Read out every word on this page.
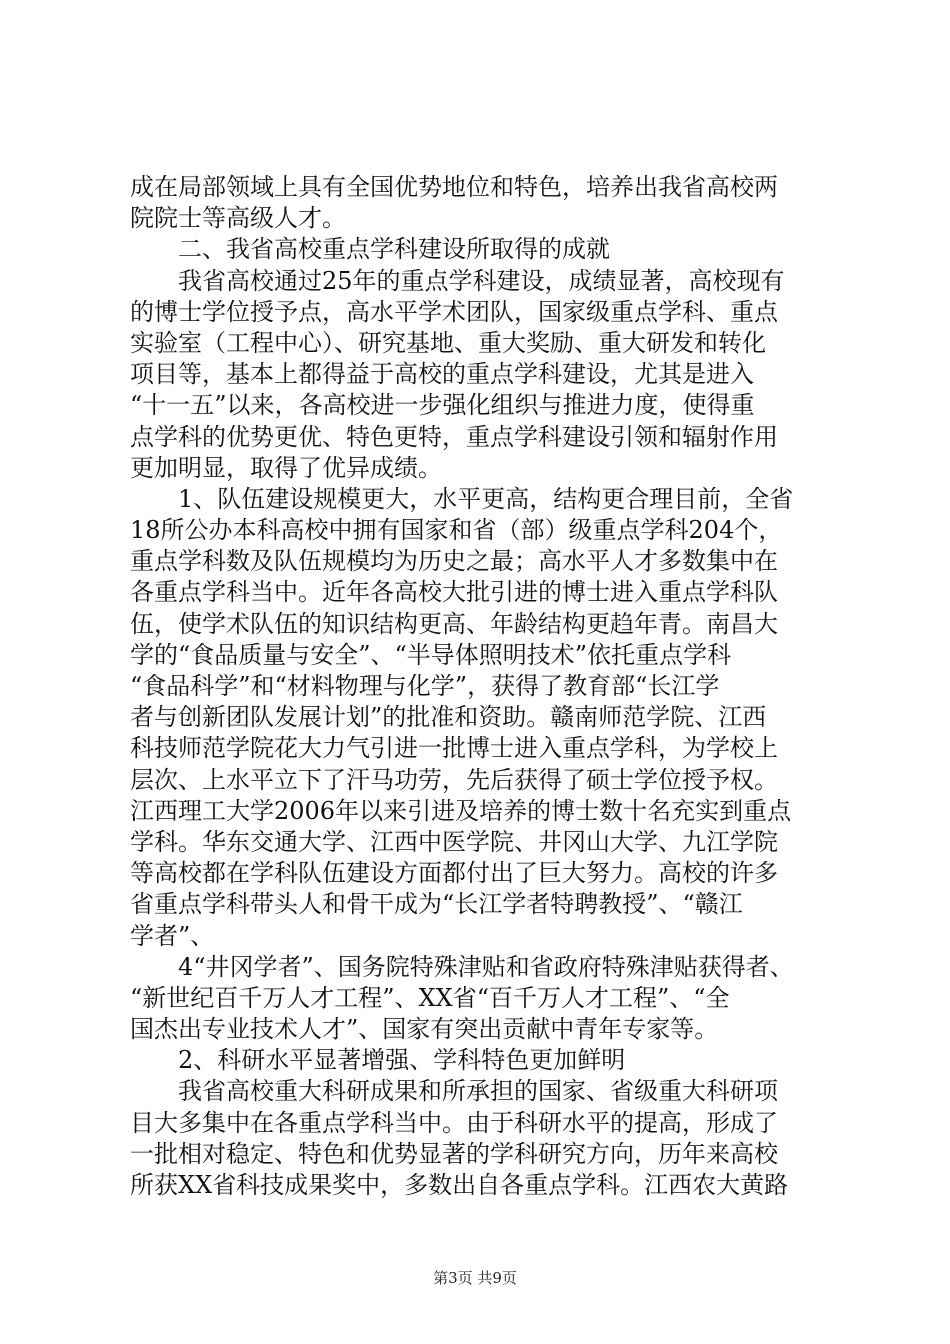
成在局部领域上具有全国优势地位和特色，培养出我省高校两
院院士等高级人才。
　　二、我省高校重点学科建设所取得的成就
　　我省高校通过25年的重点学科建设，成绩显著，高校现有
的博士学位授予点，高水平学术团队，国家级重点学科、重点
实验室（工程中心）、研究基地、重大奖励、重大研发和转化
项目等，基本上都得益于高校的重点学科建设，尤其是进入
“十一五”以来，各高校进一步强化组织与推进力度，使得重
点学科的优势更优、特色更特，重点学科建设引领和辐射作用
更加明显，取得了优异成绩。
　　1、队伍建设规模更大，水平更高，结构更合理目前，全省
18所公办本科高校中拥有国家和省（部）级重点学科204个，
重点学科数及队伍规模均为历史之最；高水平人才多数集中在
各重点学科当中。近年各高校大批引进的博士进入重点学科队
伍，使学术队伍的知识结构更高、年龄结构更趋年青。南昌大
学的“食品质量与安全”、“半导体照明技术”依托重点学科
“食品科学”和“材料物理与化学”，获得了教育部“长江学
者与创新团队发展计划”的批准和资助。赣南师范学院、江西
科技师范学院花大力气引进一批博士进入重点学科，为学校上
层次、上水平立下了汗马功劳，先后获得了硕士学位授予权。
江西理工大学2006年以来引进及培养的博士数十名充实到重点
学科。华东交通大学、江西中医学院、井冈山大学、九江学院
等高校都在学科队伍建设方面都付出了巨大努力。高校的许多
省重点学科带头人和骨干成为“长江学者特聘教授”、“赣江
学者”、
　　4“井冈学者”、国务院特殊津贴和省政府特殊津贴获得者、
“新世纪百千万人才工程”、XX省“百千万人才工程”、“全
国杰出专业技术人才”、国家有突出贡献中青年专家等。
　　2、科研水平显著增强、学科特色更加鲜明
　　我省高校重大科研成果和所承担的国家、省级重大科研项
目大多集中在各重点学科当中。由于科研水平的提高，形成了
一批相对稳定、特色和优势显著的学科研究方向，历年来高校
所获XX省科技成果奖中，多数出自各重点学科。江西农大黄路
第3页 共9页
